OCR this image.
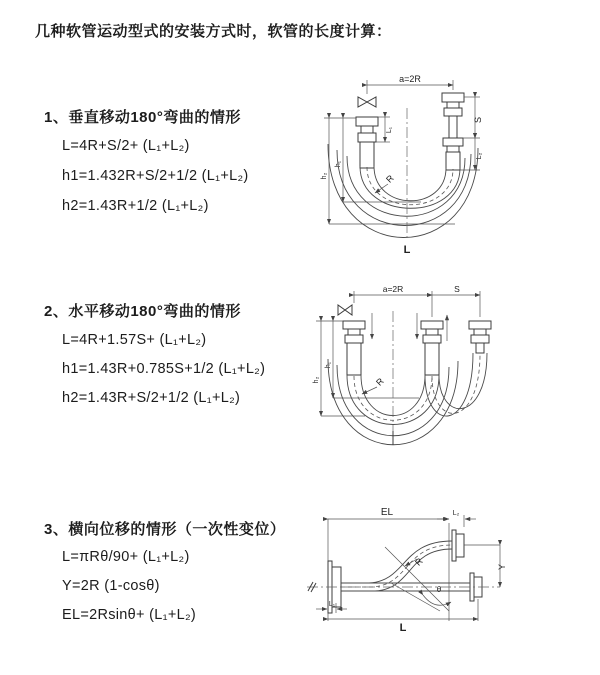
几种软管运动型式的安装方式时，软管的长度计算：
1、垂直移动180°弯曲的情形
L=4R+S/2+ (L₁+L₂)
h1=1.432R+S/2+1/2 (L₁+L₂)
h2=1.43R+1/2 (L₁+L₂)
a=2R
L₁
S
L₂
h₁
h₂	R
L
2、水平移动180°弯曲的情形
L=4R+1.57S+ (L₁+L₂)
h1=1.43R+0.785S+1/2 (L₁+L₂)
h2=1.43R+S/2+1/2 (L₁+L₂)
a=2R	S
h₁
h₂	R
3、横向位移的情形（一次性变位）
L=πRθ/90+ (L₁+L₂)
Y=2R (1-cosθ)
EL=2Rsinθ+ (L₁+L₂)
EL	L₂
Y
R
θ
L
L₁
